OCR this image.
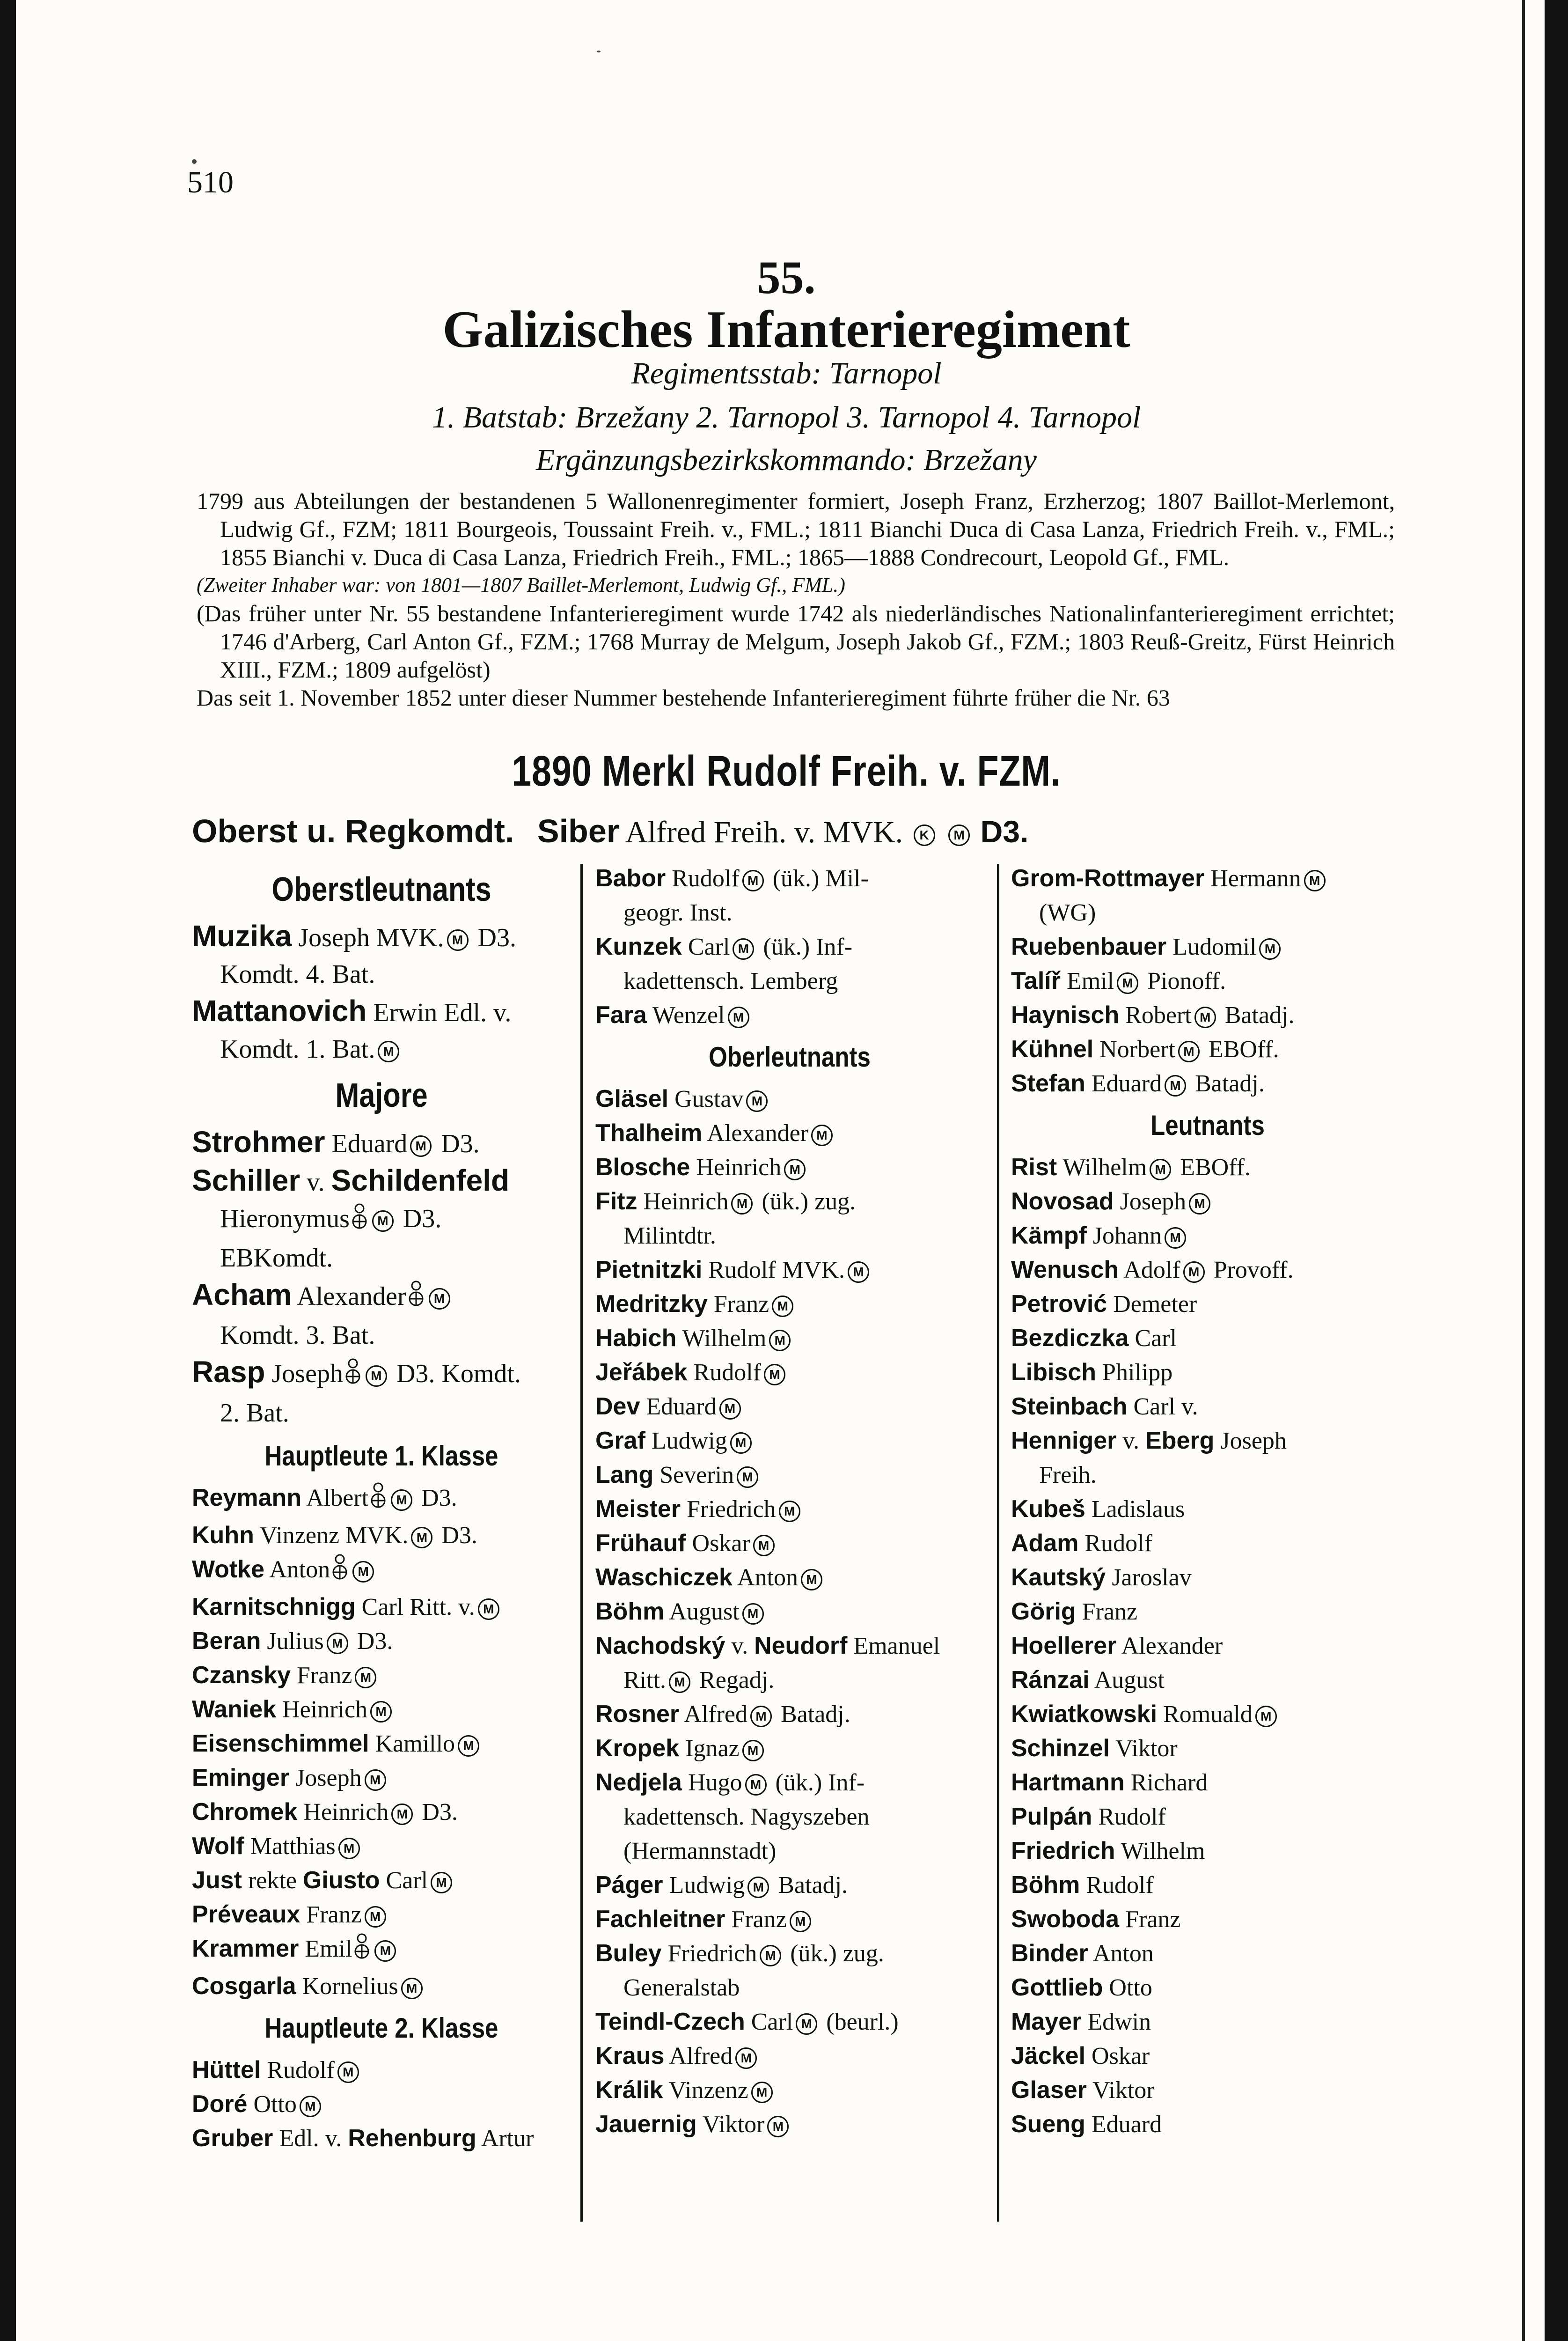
510
55.
Galizisches Infanterieregiment
Regimentsstab: Tarnopol
1. Batstab: Brzežany 2. Tarnopol 3. Tarnopol 4. Tarnopol
Ergänzungsbezirkskommando: Brzežany

1799 aus Abteilungen der bestandenen 5 Wallonenregimenter formiert, Joseph Franz, Erzherzog; 1807 Baillot-Merlemont, Ludwig Gf., FZM; 1811 Bourgeois, Toussaint Freih. v., FML.; 1811 Bianchi Duca di Casa Lanza, Friedrich Freih. v., FML.; 1855 Bianchi v. Duca di Casa Lanza, Friedrich Freih., FML.; 1865—1888 Condrecourt, Leopold Gf., FML.

(Zweiter Inhaber war: von 1801—1807 Baillet-Merlemont, Ludwig Gf., FML.)

(Das früher unter Nr. 55 bestandene Infanterieregiment wurde 1742 als niederländisches Nationalinfanterieregiment errichtet; 1746 d'Arberg, Carl Anton Gf., FZM.; 1768 Murray de Melgum, Joseph Jakob Gf., FZM.; 1803 Reuß-Greitz, Fürst Heinrich XIII., FZM.; 1809 aufgelöst)

Das seit 1. November 1852 unter dieser Nummer bestehende Infanterieregiment führte früher die Nr. 63

1890 Merkl Rudolf Freih. v. FZM.
Oberst u. Regkomdt. Siber Alfred Freih. v. MVK. K M D3.
Oberstleutnants
Muzika Joseph MVK. M D3.
Komdt. 4. Bat.
Mattanovich Erwin Edl. v.
Komdt. 1. Bat. M
Majore
Strohmer Eduard M D3.
Schiller v. Schildenfeld
Hieronymus M D3.
EBKomdt.
Acham Alexander M
Komdt. 3. Bat.
Rasp Joseph M D3. Komdt.
2. Bat.
Hauptleute 1. Klasse
Reymann Albert M D3.
Kuhn Vinzenz MVK. M D3.
Wotke Anton M
Karnitschnigg Carl Ritt. v. M
Beran Julius M D3.
Czansky Franz M
Waniek Heinrich M
Eisenschimmel Kamillo M
Eminger Joseph M
Chromek Heinrich M D3.
Wolf Matthias M
Just rekte Giusto Carl M
Préveaux Franz M
Krammer Emil M
Cosgarla Kornelius M
Hauptleute 2. Klasse
Hüttel Rudolf M
Doré Otto M
Gruber Edl. v. Rehenburg Artur
Babor Rudolf M (ük.) Mil-
geogr. Inst.
Kunzek Carl M (ük.) Inf-
kadettensch. Lemberg
Fara Wenzel M
Oberleutnants
Gläsel Gustav M
Thalheim Alexander M
Blosche Heinrich M
Fitz Heinrich M (ük.) zug.
Milintdtr.
Pietnitzki Rudolf MVK. M
Medritzky Franz M
Habich Wilhelm M
Jeřábek Rudolf M
Dev Eduard M
Graf Ludwig M
Lang Severin M
Meister Friedrich M
Frühauf Oskar M
Waschiczek Anton M
Böhm August M
Nachodský v. Neudorf Emanuel
Ritt. M Regadj.
Rosner Alfred M Batadj.
Kropek Ignaz M
Nedjela Hugo M (ük.) Inf-
kadettensch. Nagyszeben
(Hermannstadt)
Páger Ludwig M Batadj.
Fachleitner Franz M
Buley Friedrich M (ük.) zug.
Generalstab
Teindl-Czech Carl M (beurl.)
Kraus Alfred M
Králik Vinzenz M
Jauernig Viktor M
Grom-Rottmayer Hermann M
(WG)
Ruebenbauer Ludomil M
Talíř Emil M Pionoff.
Haynisch Robert M Batadj.
Kühnel Norbert M EBOff.
Stefan Eduard M Batadj.
Leutnants
Rist Wilhelm M EBOff.
Novosad Joseph M
Kämpf Johann M
Wenusch Adolf M Provoff.
Petrović Demeter
Bezdiczka Carl
Libisch Philipp
Steinbach Carl v.
Henniger v. Eberg Joseph
Freih.
Kubeš Ladislaus
Adam Rudolf
Kautský Jaroslav
Görig Franz
Hoellerer Alexander
Ránzai August
Kwiatkowski Romuald M
Schinzel Viktor
Hartmann Richard
Pulpán Rudolf
Friedrich Wilhelm
Böhm Rudolf
Swoboda Franz
Binder Anton
Gottlieb Otto
Mayer Edwin
Jäckel Oskar
Glaser Viktor
Sueng Eduard
